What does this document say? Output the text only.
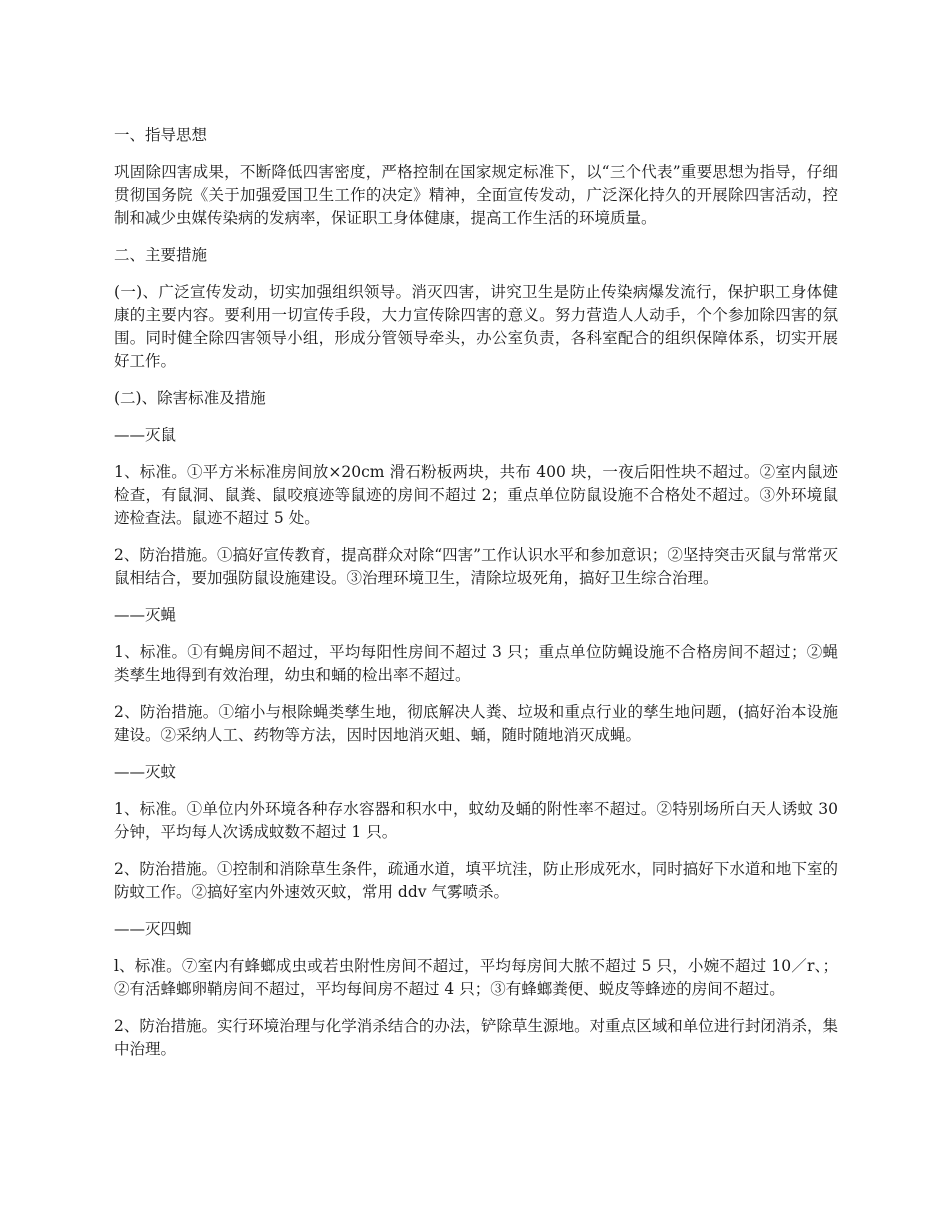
一、指导思想
巩固除四害成果，不断降低四害密度，严格控制在国家规定标准下，以“三个代表”重要思想为指导，仔细贯彻国务院《关于加强爱国卫生工作的决定》精神，全面宣传发动，广泛深化持久的开展除四害活动，控制和减少虫媒传染病的发病率，保证职工身体健康，提高工作生活的环境质量。
二、主要措施
(一)、广泛宣传发动，切实加强组织领导。消灭四害，讲究卫生是防止传染病爆发流行，保护职工身体健康的主要内容。要利用一切宣传手段，大力宣传除四害的意义。努力营造人人动手，个个参加除四害的氛围。同时健全除四害领导小组，形成分管领导牵头，办公室负责，各科室配合的组织保障体系，切实开展好工作。
(二)、除害标准及措施
——灭鼠
1、标准。①平方米标准房间放×20cm 滑石粉板两块，共布 400 块，一夜后阳性块不超过。②室内鼠迹检查，有鼠洞、鼠粪、鼠咬痕迹等鼠迹的房间不超过 2；重点单位防鼠设施不合格处不超过。③外环境鼠迹检查法。鼠迹不超过 5 处。
2、防治措施。①搞好宣传教育，提高群众对除“四害”工作认识水平和参加意识；②坚持突击灭鼠与常常灭鼠相结合，要加强防鼠设施建设。③治理环境卫生，清除垃圾死角，搞好卫生综合治理。
——灭蝇
1、标准。①有蝇房间不超过，平均每阳性房间不超过 3 只；重点单位防蝇设施不合格房间不超过；②蝇类孳生地得到有效治理，幼虫和蛹的检出率不超过。
2、防治措施。①缩小与根除蝇类孳生地，彻底解决人粪、垃圾和重点行业的孳生地问题，(搞好治本设施建设。②采纳人工、药物等方法，因时因地消灭蛆、蛹，随时随地消灭成蝇。
——灭蚊
1、标准。①单位内外环境各种存水容器和积水中，蚊幼及蛹的附性率不超过。②特别场所白天人诱蚊 30 分钟，平均每人次诱成蚊数不超过 1 只。
2、防治措施。①控制和消除草生条件，疏通水道，填平坑洼，防止形成死水，同时搞好下水道和地下室的防蚊工作。②搞好室内外速效灭蚊，常用 ddv 气雾喷杀。
——灭四蜘
l、标准。⑦室内有蜂螂成虫或若虫附性房间不超过，平均每房间大脓不超过 5 只，小婉不超过 10／r、；②有活蜂螂卵鞘房间不超过，平均每间房不超过 4 只；③有蜂螂粪便、蜕皮等蜂迹的房间不超过。
2、防治措施。实行环境治理与化学消杀结合的办法，铲除草生源地。对重点区域和单位进行封闭消杀，集中治理。
